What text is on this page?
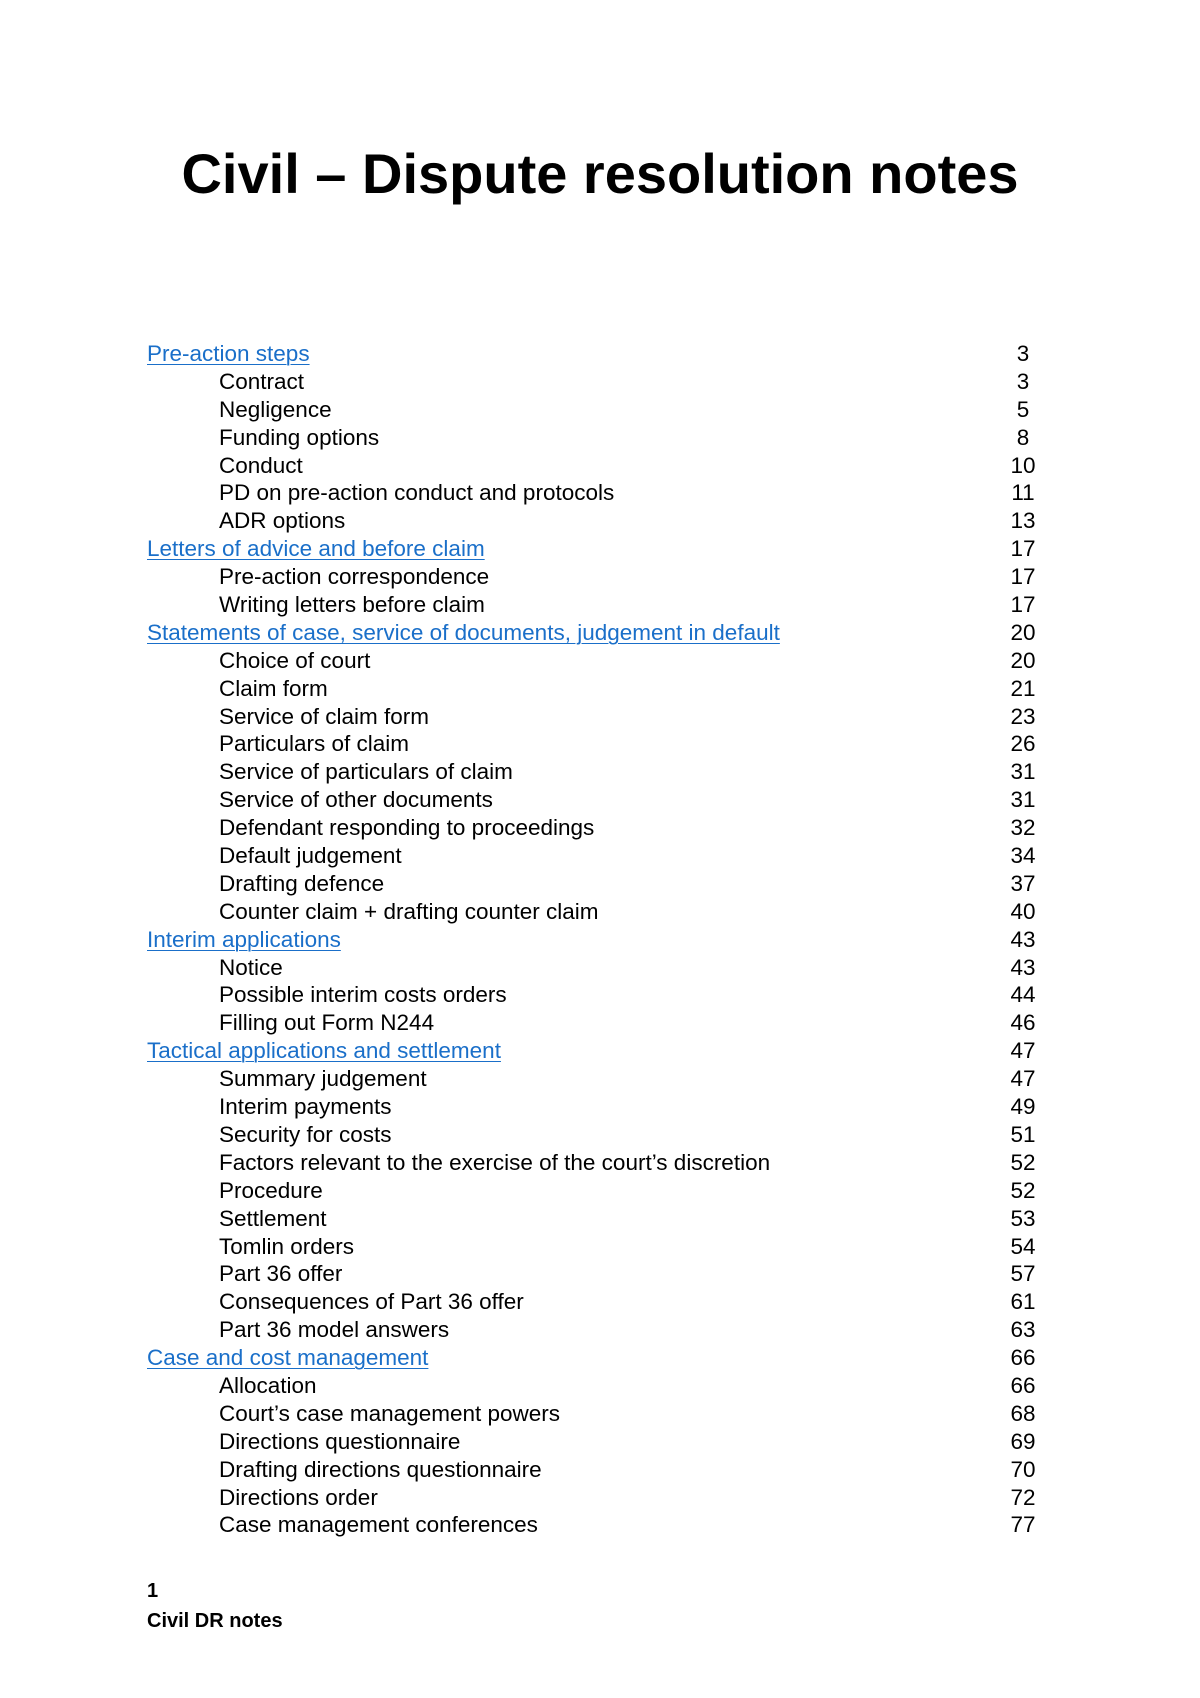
Civil – Dispute resolution notes
Pre-action steps	3
Contract	3
Negligence	5
Funding options	8
Conduct	10
PD on pre-action conduct and protocols	11
ADR options	13
Letters of advice and before claim	17
Pre-action correspondence	17
Writing letters before claim	17
Statements of case, service of documents, judgement in default	20
Choice of court	20
Claim form	21
Service of claim form	23
Particulars of claim	26
Service of particulars of claim	31
Service of other documents	31
Defendant responding to proceedings	32
Default judgement	34
Drafting defence	37
Counter claim + drafting counter claim	40
Interim applications	43
Notice	43
Possible interim costs orders	44
Filling out Form N244	46
Tactical applications and settlement	47
Summary judgement	47
Interim payments	49
Security for costs	51
Factors relevant to the exercise of the court’s discretion	52
Procedure	52
Settlement	53
Tomlin orders	54
Part 36 offer	57
Consequences of Part 36 offer	61
Part 36 model answers	63
Case and cost management	66
Allocation	66
Court’s case management powers	68
Directions questionnaire	69
Drafting directions questionnaire	70
Directions order	72
Case management conferences	77
1
Civil DR notes
